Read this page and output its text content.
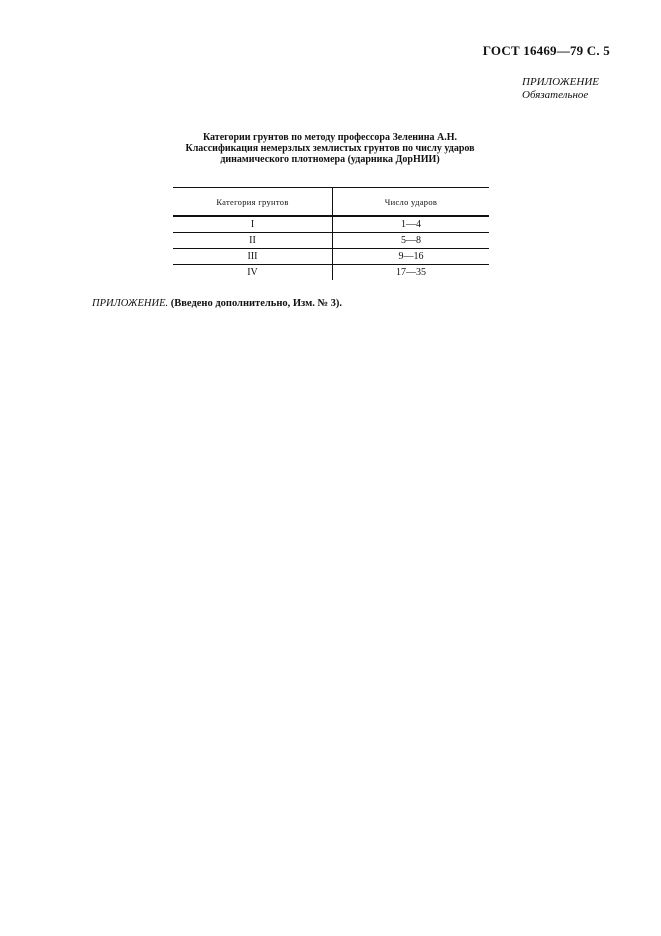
ГОСТ 16469—79 С. 5
ПРИЛОЖЕНИЕ
Обязательное
Категории грунтов по методу профессора Зеленина А.Н.
Классификация немерзлых землистых грунтов по числу ударов
динамического плотномера (ударника ДорНИИ)
Категория грунтов	Число ударов
I	1—4
II	5—8
III	9—16
IV	17—35
ПРИЛОЖЕНИЕ. (Введено дополнительно, Изм. № 3).
